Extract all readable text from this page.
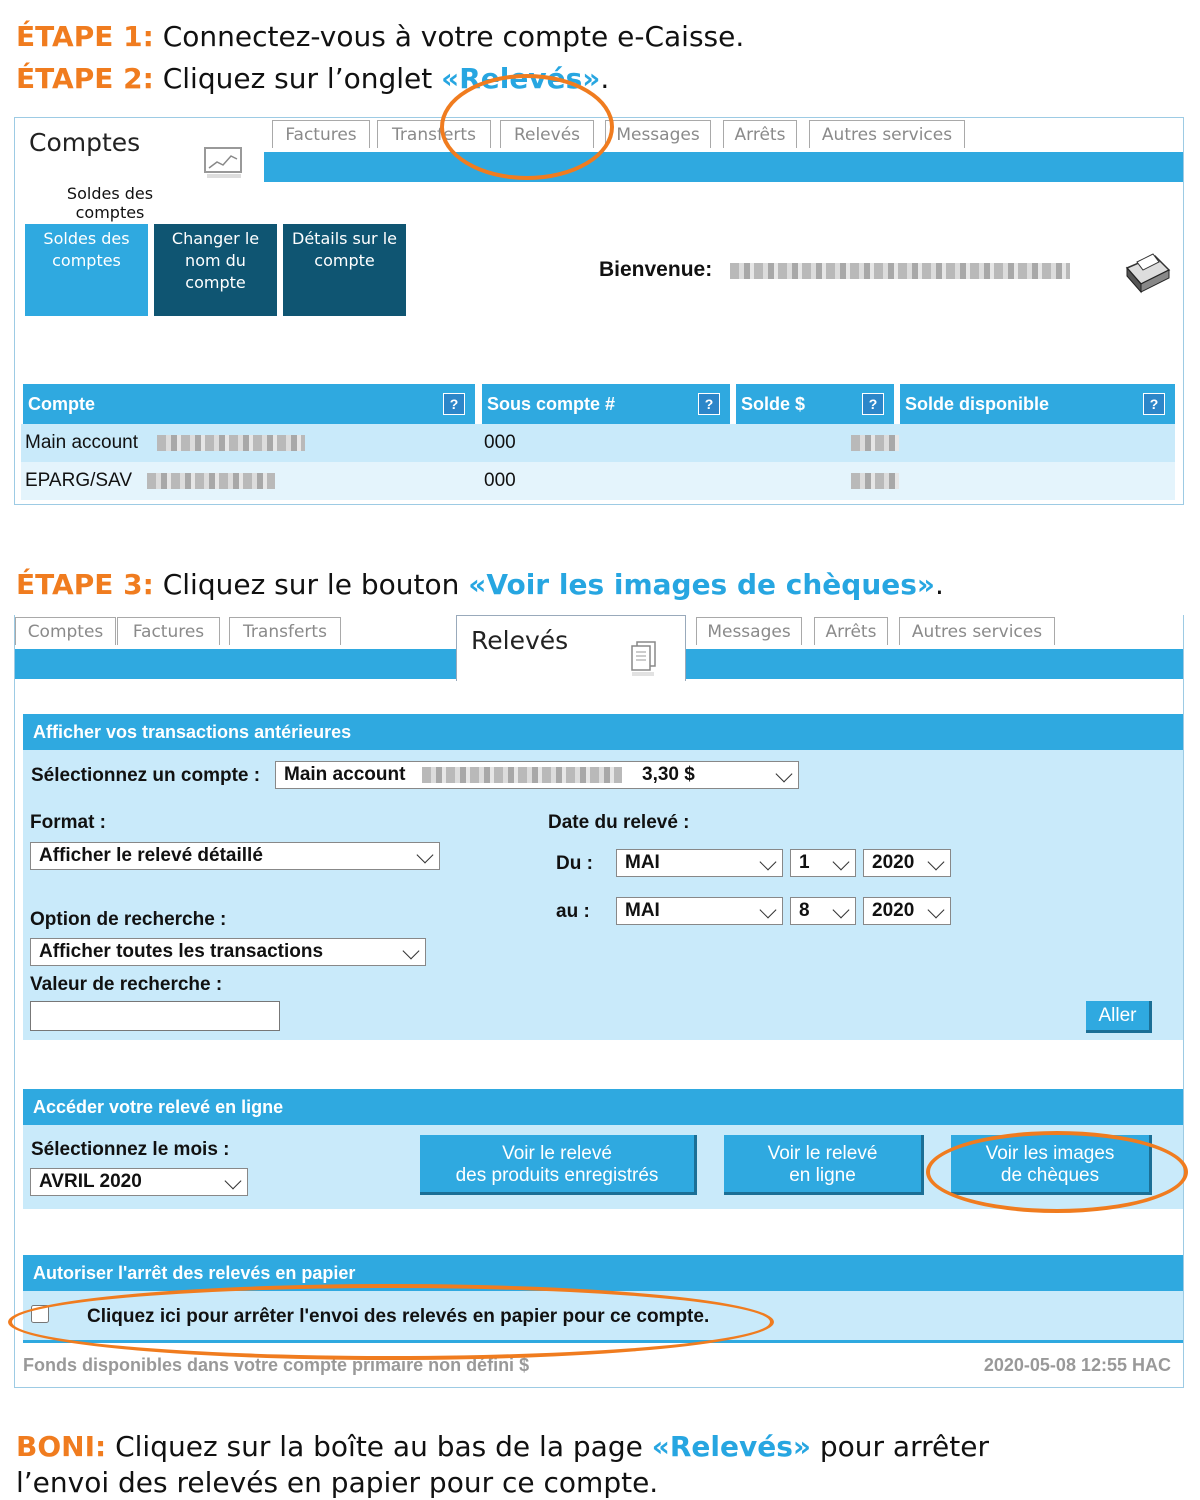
ÉTAPE 1: Connectez-vous à votre compte e-Caisse.
ÉTAPE 2: Cliquez sur l’onglet «Relevés».
Comptes	Factures	Transferts	Relevés	Messages	Arrêts	Autres services
Soldes des comptes
Soldes des comptes
Changer le nom du compte
Détails sur le compte	Bienvenue:
Compte	?	Sous compte #	?	Solde $	?	Solde disponible	?
Main account	000
EPARG/SAV	000
ÉTAPE 3: Cliquez sur le bouton «Voir les images de chèques».
Comptes	Factures	Transferts	Relevés	Messages	Arrêts	Autres services
Afficher vos transactions antérieures
Sélectionnez un compte :	Main account	3,30 $
Format :
Afficher le relevé détaillé
Date du relevé :
Du :	MAI	1	2020
au :	MAI	8	2020
Option de recherche :
Afficher toutes les transactions
Valeur de recherche :
Aller
Accéder votre relevé en ligne
Sélectionnez le mois :
AVRIL 2020
Voir le relevé
des produits enregistrés
Voir le relevé
en ligne
Voir les images
de chèques
Autoriser l'arrêt des relevés en papier
Cliquez ici pour arrêter l'envoi des relevés en papier pour ce compte.
Fonds disponibles dans votre compte primaire non défini $	2020-05-08 12:55 HAC
BONI: Cliquez sur la boîte au bas de la page «Relevés» pour arrêter
l’envoi des relevés en papier pour ce compte.
